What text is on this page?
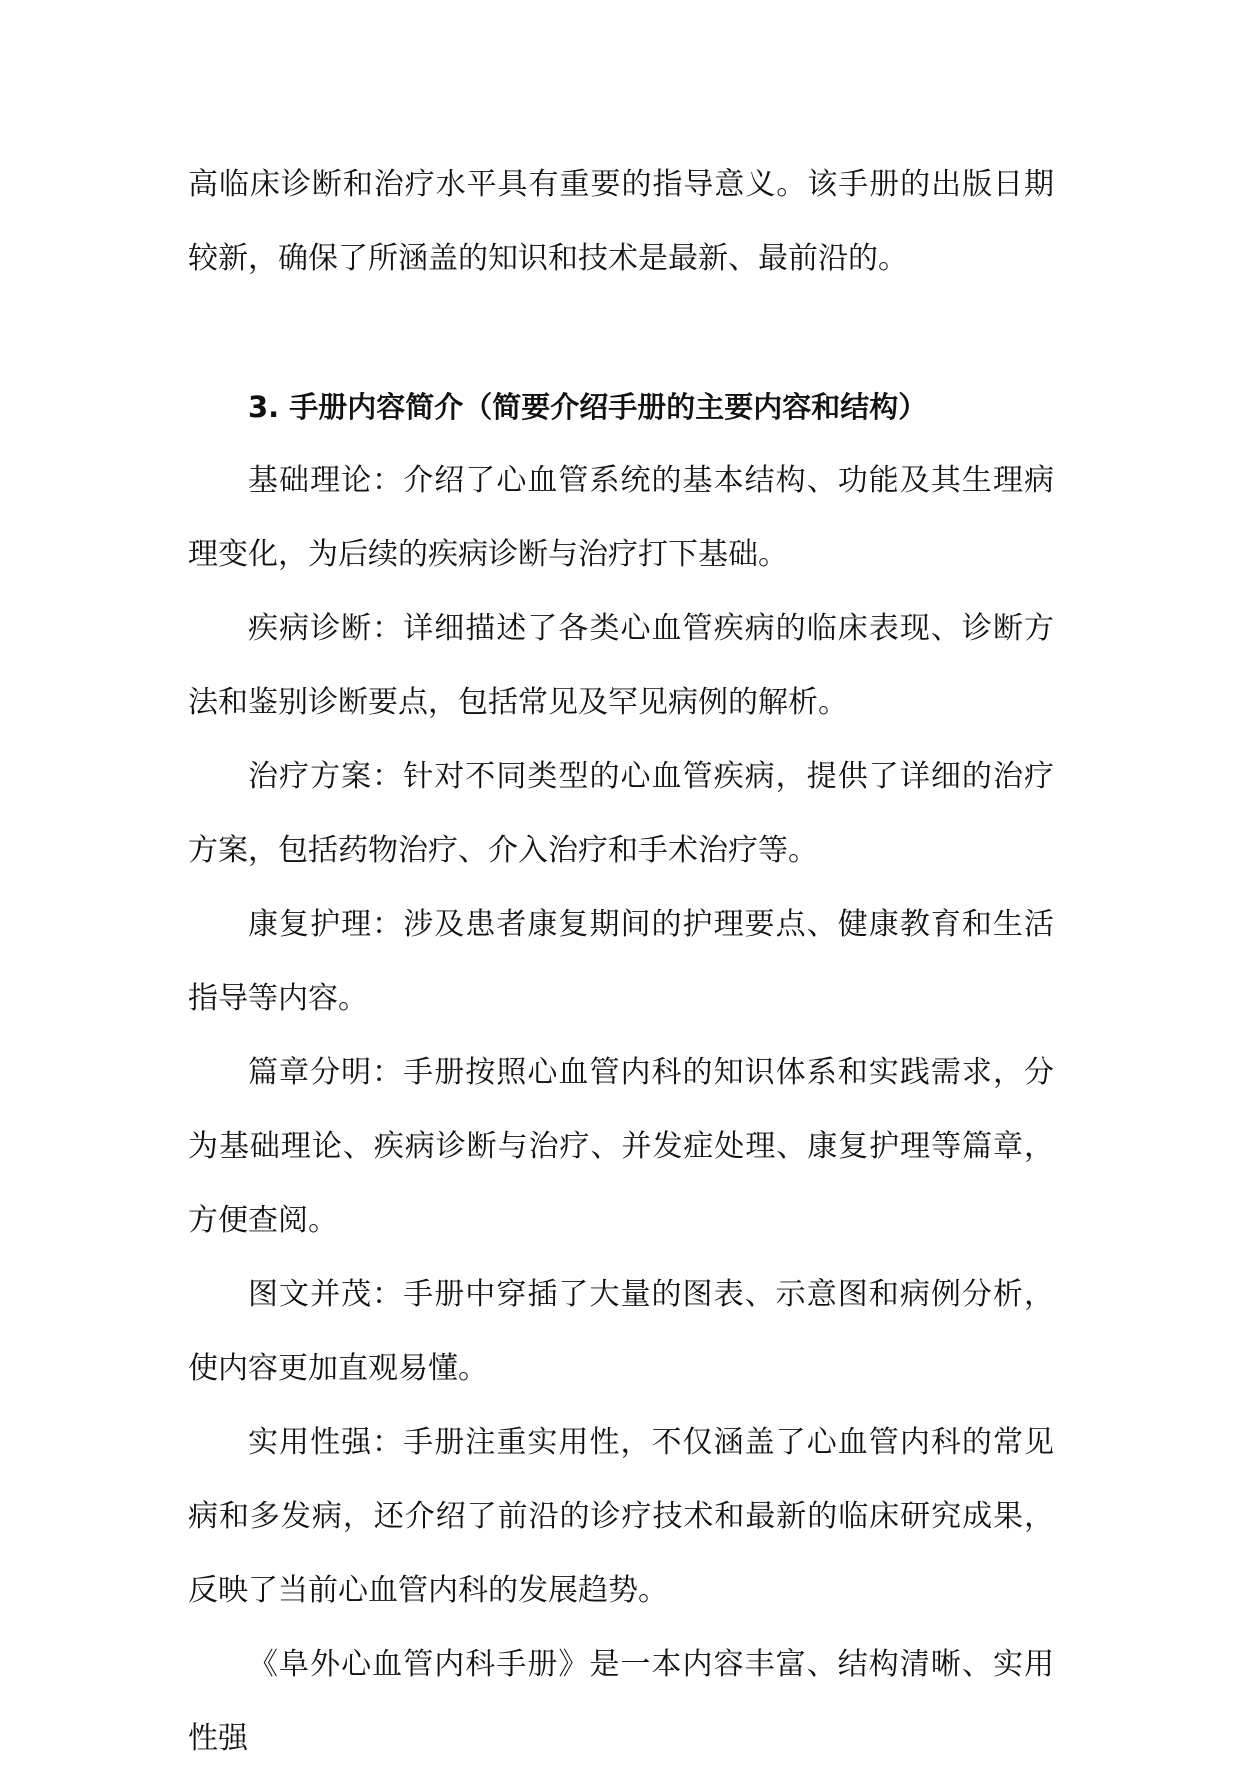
高临床诊断和治疗水平具有重要的指导意义。该手册的出版日期较新，确保了所涵盖的知识和技术是最新、最前沿的。

3. 手册内容简介（简要介绍手册的主要内容和结构）

基础理论：介绍了心血管系统的基本结构、功能及其生理病理变化，为后续的疾病诊断与治疗打下基础。

疾病诊断：详细描述了各类心血管疾病的临床表现、诊断方法和鉴别诊断要点，包括常见及罕见病例的解析。

治疗方案：针对不同类型的心血管疾病，提供了详细的治疗方案，包括药物治疗、介入治疗和手术治疗等。

康复护理：涉及患者康复期间的护理要点、健康教育和生活指导等内容。

篇章分明：手册按照心血管内科的知识体系和实践需求，分为基础理论、疾病诊断与治疗、并发症处理、康复护理等篇章，方便查阅。

图文并茂：手册中穿插了大量的图表、示意图和病例分析，使内容更加直观易懂。

实用性强：手册注重实用性，不仅涵盖了心血管内科的常见病和多发病，还介绍了前沿的诊疗技术和最新的临床研究成果，反映了当前心血管内科的发展趋势。

《阜外心血管内科手册》是一本内容丰富、结构清晰、实用性强
